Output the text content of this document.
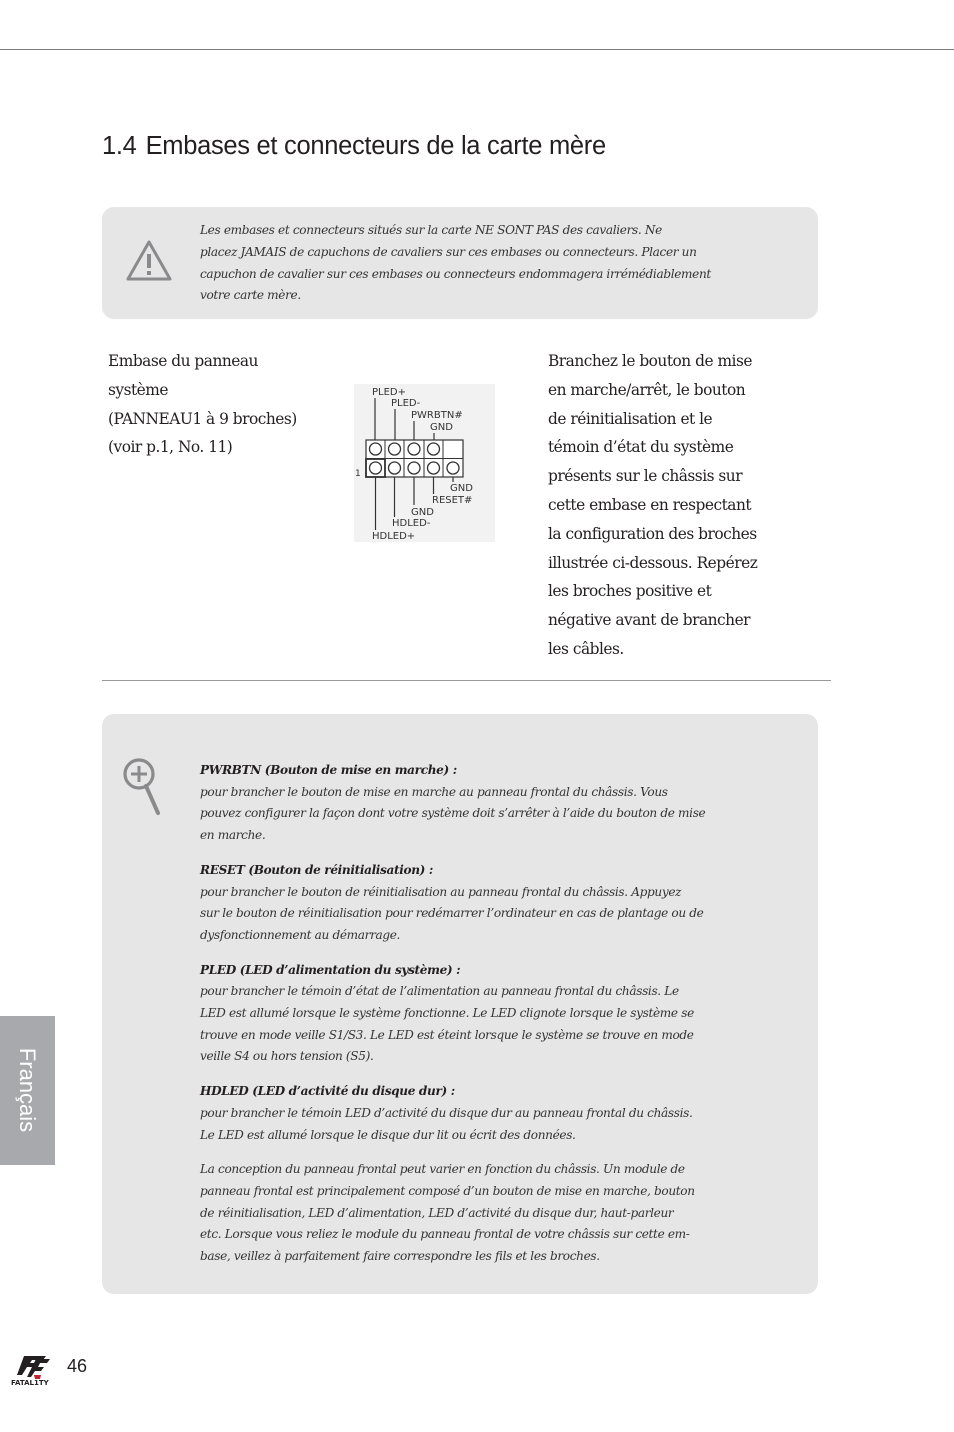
1.4 Embases et connecteurs de la carte mère

Les embases et connecteurs situés sur la carte NE SONT PAS des cavaliers. Ne
placez JAMAIS de capuchons de cavaliers sur ces embases ou connecteurs. Placer un
capuchon de cavalier sur ces embases ou connecteurs endommagera irrémédiablement
votre carte mère.

Embase du panneau
système
(PANNEAU1 à 9 broches)
(voir p.1, No. 11)
PLED+
PLED-
PWRBTN#
GND
1
GND
RESET#
GND
HDLED-
HDLED+

Branchez le bouton de mise
en marche/arrêt, le bouton
de réinitialisation et le
témoin d’état du système
présents sur le châssis sur
cette embase en respectant
la configuration des broches
illustrée ci-dessous. Repérez
les broches positive et
négative avant de brancher
les câbles.

PWRBTN (Bouton de mise en marche) :
pour brancher le bouton de mise en marche au panneau frontal du châssis. Vous
pouvez configurer la façon dont votre système doit s’arrêter à l’aide du bouton de mise
en marche.

RESET (Bouton de réinitialisation) :
pour brancher le bouton de réinitialisation au panneau frontal du châssis. Appuyez
sur le bouton de réinitialisation pour redémarrer l’ordinateur en cas de plantage ou de
dysfonctionnement au démarrage.

PLED (LED d’alimentation du système) :
pour brancher le témoin d’état de l’alimentation au panneau frontal du châssis. Le
LED est allumé lorsque le système fonctionne. Le LED clignote lorsque le système se
trouve en mode veille S1/S3. Le LED est éteint lorsque le système se trouve en mode
veille S4 ou hors tension (S5).

HDLED (LED d’activité du disque dur) :
pour brancher le témoin LED d’activité du disque dur au panneau frontal du châssis.
Le LED est allumé lorsque le disque dur lit ou écrit des données.

La conception du panneau frontal peut varier en fonction du châssis. Un module de
panneau frontal est principalement composé d’un bouton de mise en marche, bouton
de réinitialisation, LED d’alimentation, LED d’activité du disque dur, haut-parleur
etc. Lorsque vous reliez le module du panneau frontal de votre châssis sur cette em-
base, veillez à parfaitement faire correspondre les fils et les broches.

Français
FATAL1TY
46
